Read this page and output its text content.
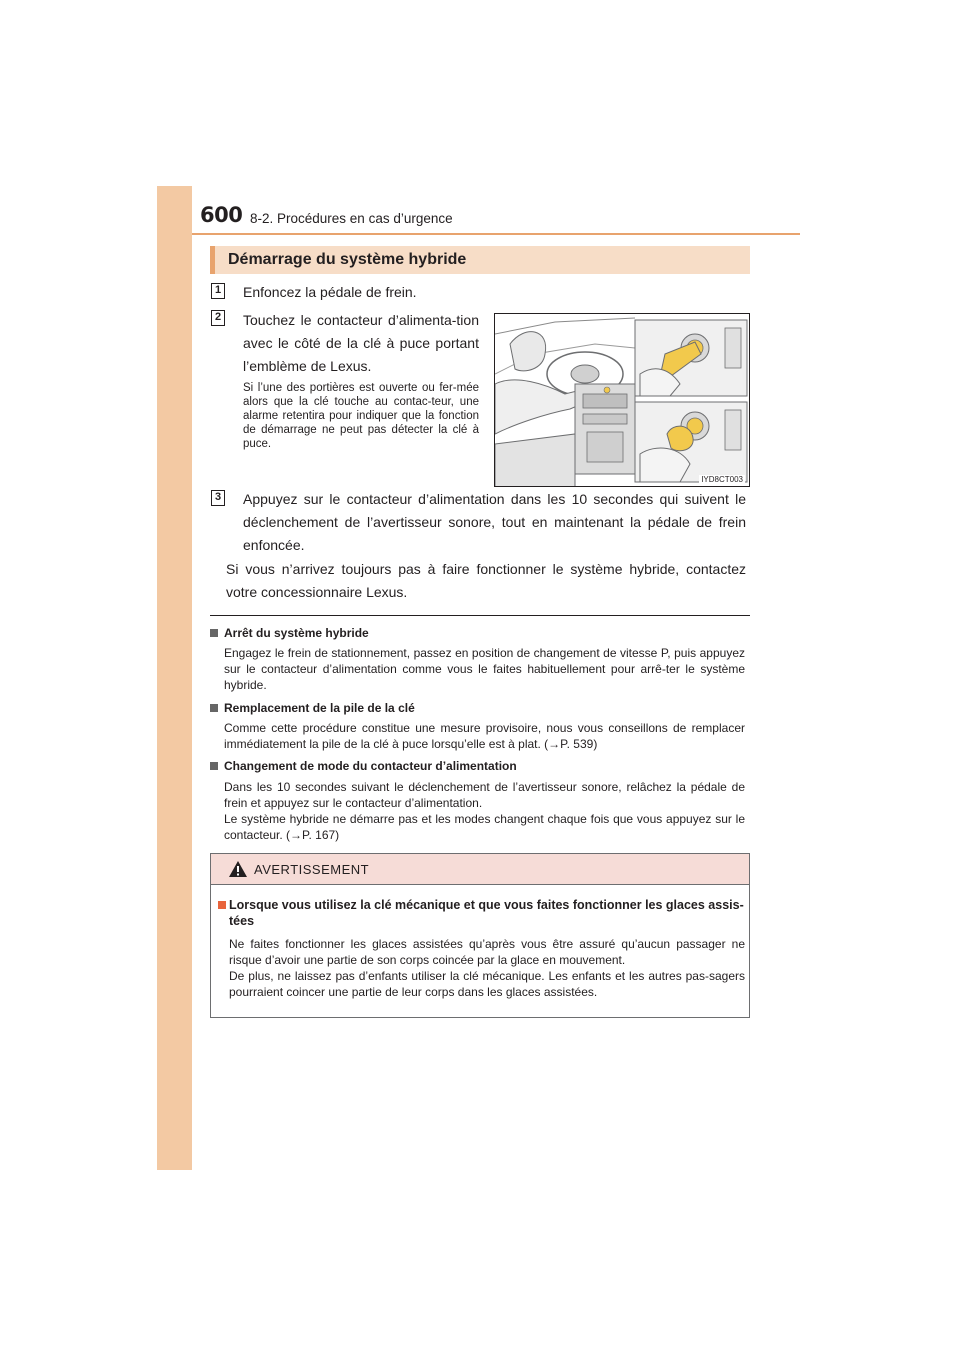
600 8-2. Procédures en cas d’urgence
Démarrage du système hybride
1 Enfoncez la pédale de frein.
2 Touchez le contacteur d’alimenta-tion avec le côté de la clé à puce portant l’emblème de Lexus.
Si l’une des portières est ouverte ou fer-mée alors que la clé touche au contac-teur, une alarme retentira pour indiquer que la fonction de démarrage ne peut pas détecter la clé à puce.
IYD8CT003
3 Appuyez sur le contacteur d’alimentation dans les 10 secondes qui suivent le déclenchement de l’avertisseur sonore, tout en maintenant la pédale de frein enfoncée.
Si vous n’arrivez toujours pas à faire fonctionner le système hybride, contactez votre concessionnaire Lexus.
Arrêt du système hybride
Engagez le frein de stationnement, passez en position de changement de vitesse P, puis appuyez sur le contacteur d’alimentation comme vous le faites habituellement pour arrê-ter le système hybride.
Remplacement de la pile de la clé
Comme cette procédure constitue une mesure provisoire, nous vous conseillons de remplacer immédiatement la pile de la clé à puce lorsqu’elle est à plat. (→P. 539)
Changement de mode du contacteur d’alimentation
Dans les 10 secondes suivant le déclenchement de l’avertisseur sonore, relâchez la pédale de frein et appuyez sur le contacteur d’alimentation.
Le système hybride ne démarre pas et les modes changent chaque fois que vous appuyez sur le contacteur. (→P. 167)
AVERTISSEMENT
Lorsque vous utilisez la clé mécanique et que vous faites fonctionner les glaces assis-tées
Ne faites fonctionner les glaces assistées qu’après vous être assuré qu’aucun passager ne risque d’avoir une partie de son corps coincée par la glace en mouvement.
De plus, ne laissez pas d’enfants utiliser la clé mécanique. Les enfants et les autres pas-sagers pourraient coincer une partie de leur corps dans les glaces assistées.
